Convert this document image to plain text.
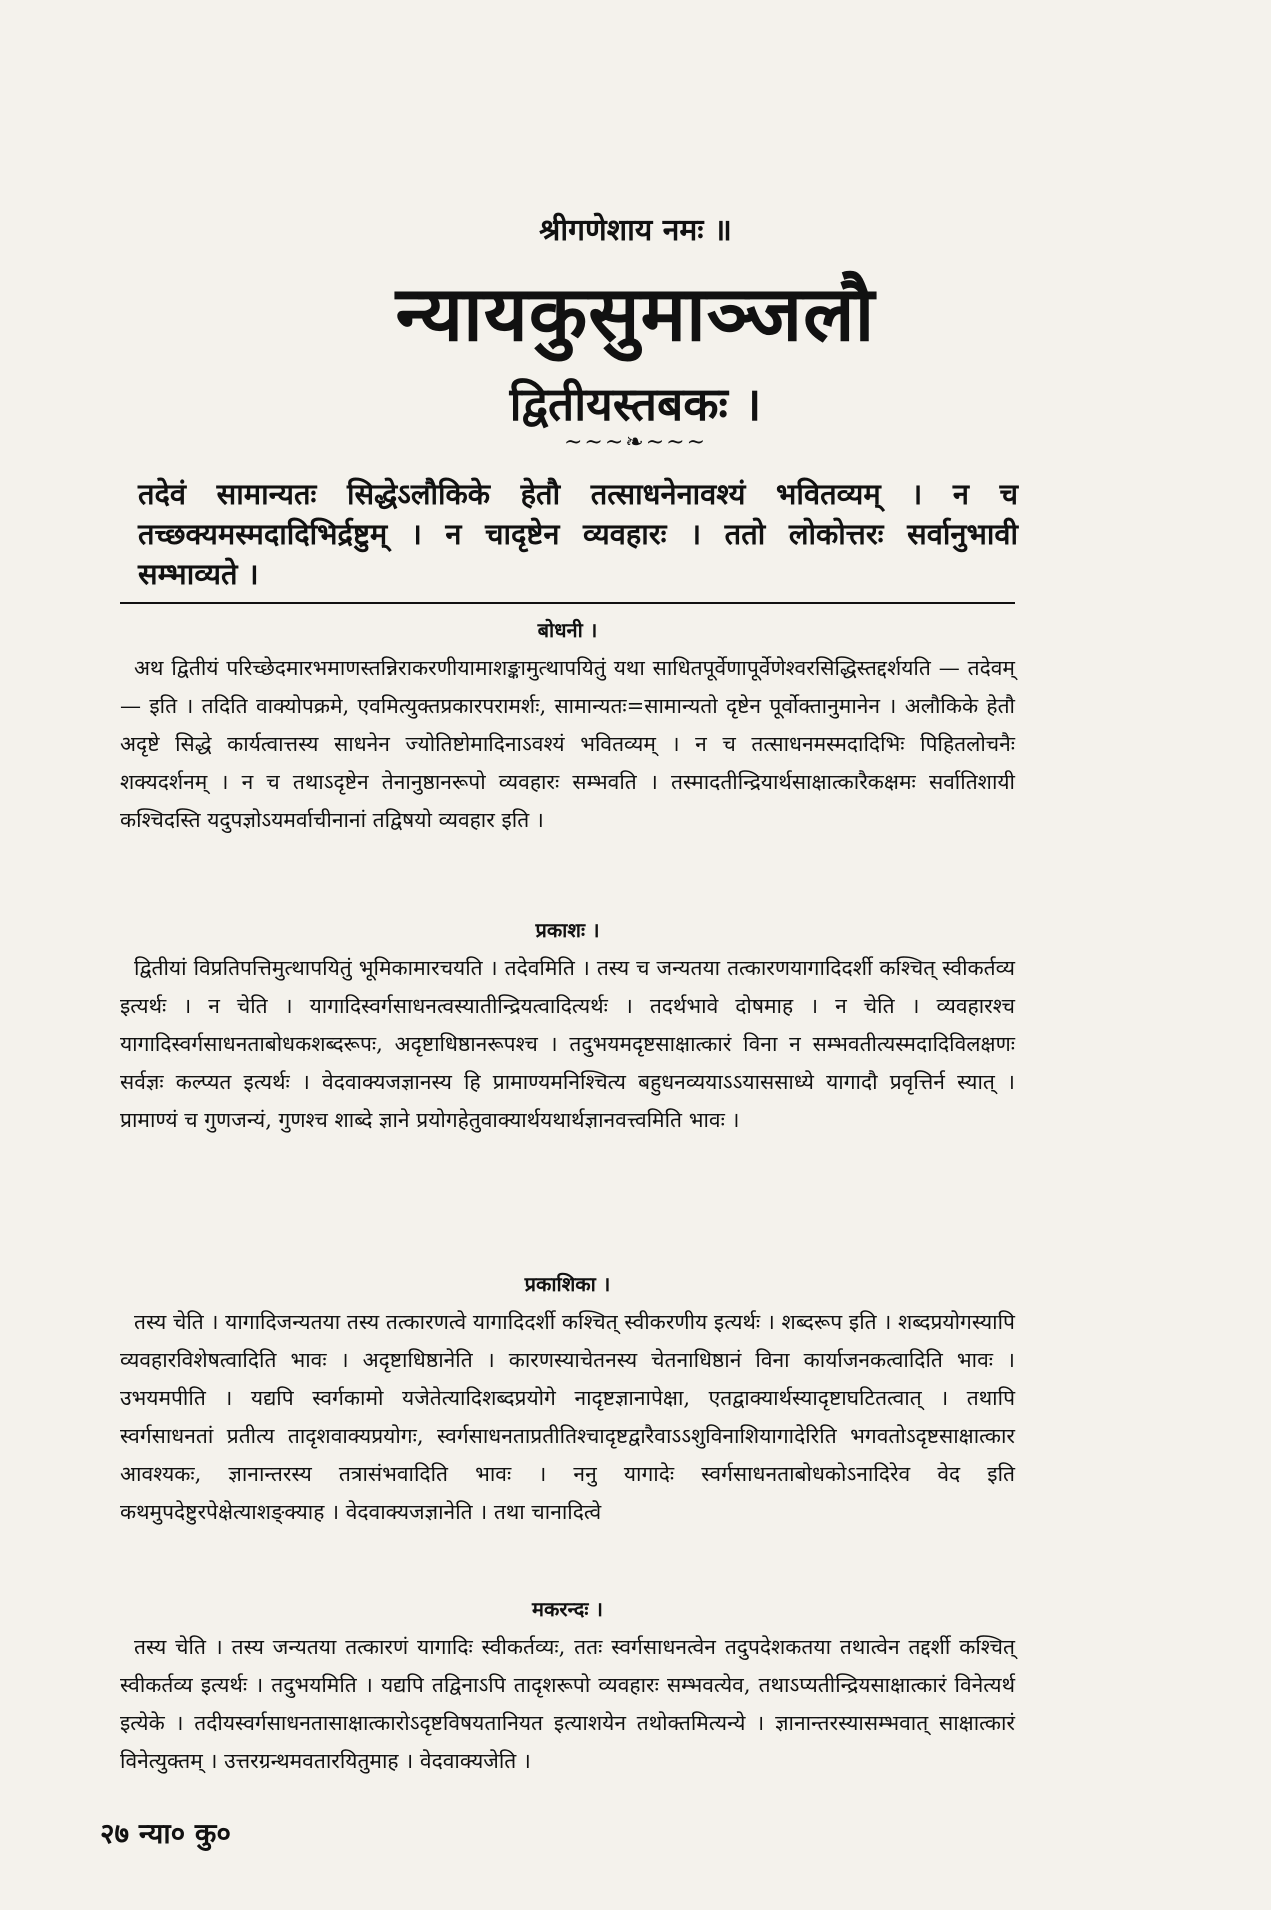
श्रीगणेशाय नमः ॥
न्यायकुसुमाञ्जलौ
द्वितीयस्तबकः ।
~~~❧~~~
तदेवं सामान्यतः सिद्धेऽलौकिके हेतौ तत्साधनेनावश्यं भवितव्यम् । न च तच्छक्यमस्मदादिभिर्द्रष्टुम् । न चादृष्टेन व्यवहारः । ततो लोकोत्तरः सर्वानुभावी सम्भाव्यते ।
बोधनी ।
अथ द्वितीयं परिच्छेदमारभमाणस्तन्निराकरणीयामाशङ्कामुत्थापयितुं यथा साधितपूर्वेणापूर्वेणेश्वरसिद्धिस्तद्दर्शयति — तदेवम् — इति । तदिति वाक्योपक्रमे, एवमित्युक्तप्रकारपरामर्शः, सामान्यतः=सामान्यतो दृष्टेन पूर्वोक्तानुमानेन । अलौकिके हेतौ अदृष्टे सिद्धे कार्यत्वात्तस्य साधनेन ज्योतिष्टोमादिनाऽवश्यं भवितव्यम् । न च तत्साधनमस्मदादिभिः पिहितलोचनैः शक्यदर्शनम् । न च तथाऽदृष्टेन तेनानुष्ठानरूपो व्यवहारः सम्भवति । तस्मादतीन्द्रियार्थसाक्षात्कारैकक्षमः सर्वातिशायी कश्चिदस्ति यदुपज्ञोऽयमर्वाचीनानां तद्विषयो व्यवहार इति ।
प्रकाशः ।
द्वितीयां विप्रतिपत्तिमुत्थापयितुं भूमिकामारचयति । तदेवमिति । तस्य च जन्यतया तत्कारणयागादिदर्शी कश्चित् स्वीकर्तव्य इत्यर्थः । न चेति । यागादिस्वर्गसाधनत्वस्यातीन्द्रियत्वादित्यर्थः । तदर्थभावे दोषमाह । न चेति । व्यवहारश्च यागादिस्वर्गसाधनताबोधकशब्दरूपः, अदृष्टाधिष्ठानरूपश्च । तदुभयमदृष्टसाक्षात्कारं विना न सम्भवतीत्यस्मदादिविलक्षणः सर्वज्ञः कल्प्यत इत्यर्थः । वेदवाक्यजज्ञानस्य हि प्रामाण्यमनिश्चित्य बहुधनव्ययाऽऽयाससाध्ये यागादौ प्रवृत्तिर्न स्यात् । प्रामाण्यं च गुणजन्यं, गुणश्च शाब्दे ज्ञाने प्रयोगहेतुवाक्यार्थयथार्थज्ञानवत्त्वमिति भावः ।
प्रकाशिका ।
तस्य चेति । यागादिजन्यतया तस्य तत्कारणत्वे यागादिदर्शी कश्चित् स्वीकरणीय इत्यर्थः । शब्दरूप इति । शब्दप्रयोगस्यापि व्यवहारविशेषत्वादिति भावः । अदृष्टाधिष्ठानेति । कारणस्याचेतनस्य चेतनाधिष्ठानं विना कार्याजनकत्वादिति भावः । उभयमपीति । यद्यपि स्वर्गकामो यजेतेत्यादिशब्दप्रयोगे नादृष्टज्ञानापेक्षा, एतद्वाक्यार्थस्यादृष्टाघटितत्वात् । तथापि स्वर्गसाधनतां प्रतीत्य तादृशवाक्यप्रयोगः, स्वर्गसाधनताप्रतीतिश्चादृष्टद्वारैवाऽऽशुविनाशियागादेरिति भगवतोऽदृष्टसाक्षात्कार आवश्यकः, ज्ञानान्तरस्य तत्रासंभवादिति भावः । ननु यागादेः स्वर्गसाधनताबोधकोऽनादिरेव वेद इति कथमुपदेष्टुरपेक्षेत्याशङ्क्याह । वेदवाक्यजज्ञानेति । तथा चानादित्वे
मकरन्दः ।
तस्य चेति । तस्य जन्यतया तत्कारणं यागादिः स्वीकर्तव्यः, ततः स्वर्गसाधनत्वेन तदुपदेशकतया तथात्वेन तद्दर्शी कश्चित् स्वीकर्तव्य इत्यर्थः । तदुभयमिति । यद्यपि तद्विनाऽपि तादृशरूपो व्यवहारः सम्भवत्येव, तथाऽप्यतीन्द्रियसाक्षात्कारं विनेत्यर्थ इत्येके । तदीयस्वर्गसाधनतासाक्षात्कारोऽदृष्टविषयतानियत इत्याशयेन तथोक्तमित्यन्ये । ज्ञानान्तरस्यासम्भवात् साक्षात्कारं विनेत्युक्तम् । उत्तरग्रन्थमवतारयितुमाह । वेदवाक्यजेति ।
२७ न्या० कु०
